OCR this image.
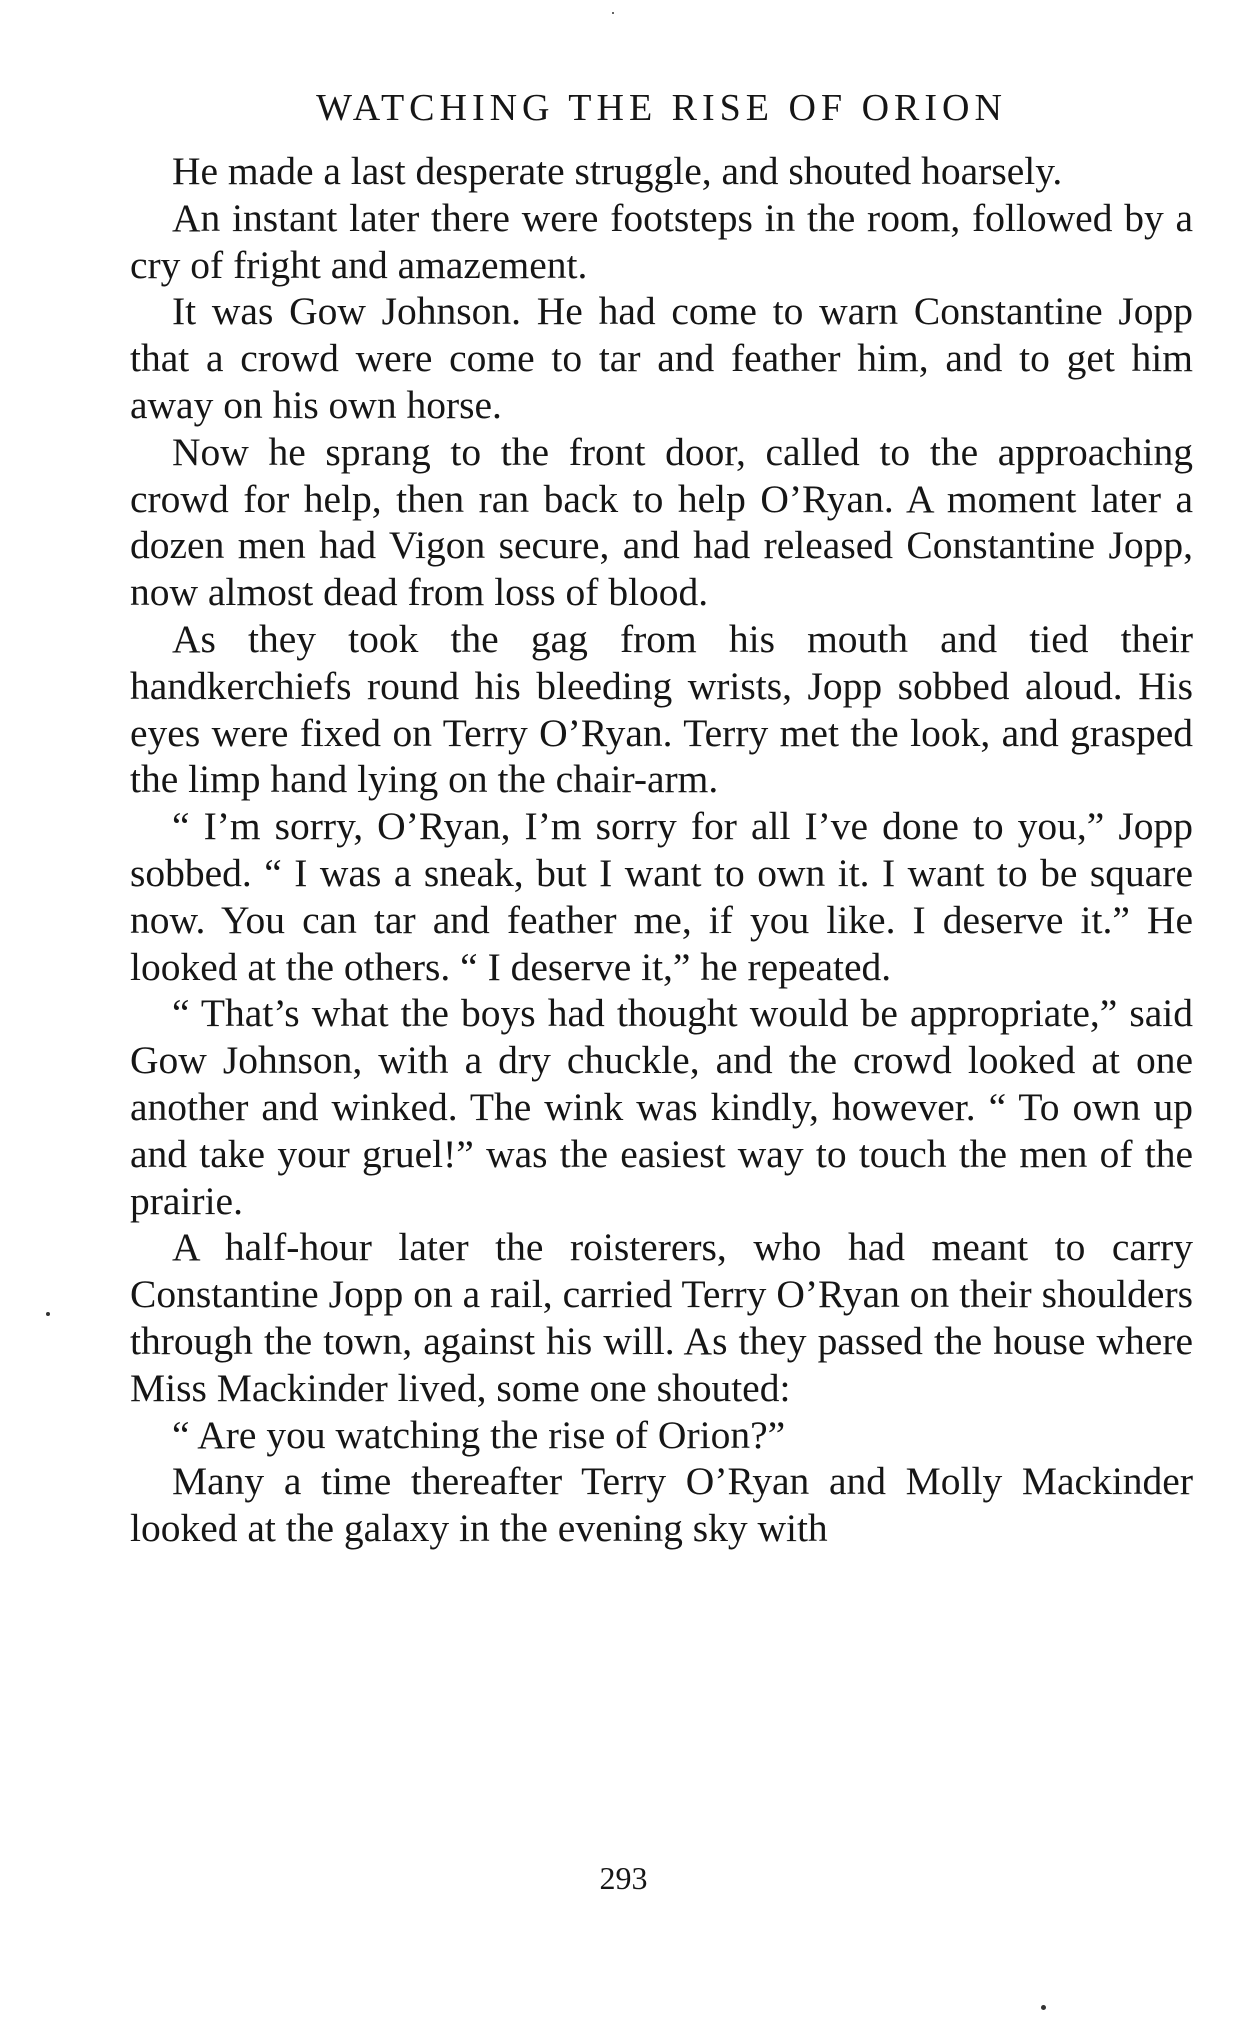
WATCHING THE RISE OF ORION

He made a last desperate struggle, and shouted hoarsely.

An instant later there were footsteps in the room, followed by a cry of fright and amazement.

It was Gow Johnson. He had come to warn Constantine Jopp that a crowd were come to tar and feather him, and to get him away on his own horse.

Now he sprang to the front door, called to the approaching crowd for help, then ran back to help O’Ryan. A moment later a dozen men had Vigon secure, and had released Constantine Jopp, now almost dead from loss of blood.

As they took the gag from his mouth and tied their handkerchiefs round his bleeding wrists, Jopp sobbed aloud. His eyes were fixed on Terry O’Ryan. Terry met the look, and grasped the limp hand lying on the chair-arm.

“ I’m sorry, O’Ryan, I’m sorry for all I’ve done to you,” Jopp sobbed. “ I was a sneak, but I want to own it. I want to be square now. You can tar and feather me, if you like. I deserve it.” He looked at the others. “ I deserve it,” he repeated.

“ That’s what the boys had thought would be appropriate,” said Gow Johnson, with a dry chuckle, and the crowd looked at one another and winked. The wink was kindly, however. “ To own up and take your gruel!” was the easiest way to touch the men of the prairie.

A half-hour later the roisterers, who had meant to carry Constantine Jopp on a rail, carried Terry O’Ryan on their shoulders through the town, against his will. As they passed the house where Miss Mackinder lived, some one shouted:

“ Are you watching the rise of Orion?”

Many a time thereafter Terry O’Ryan and Molly Mackinder looked at the galaxy in the evening sky with

293
